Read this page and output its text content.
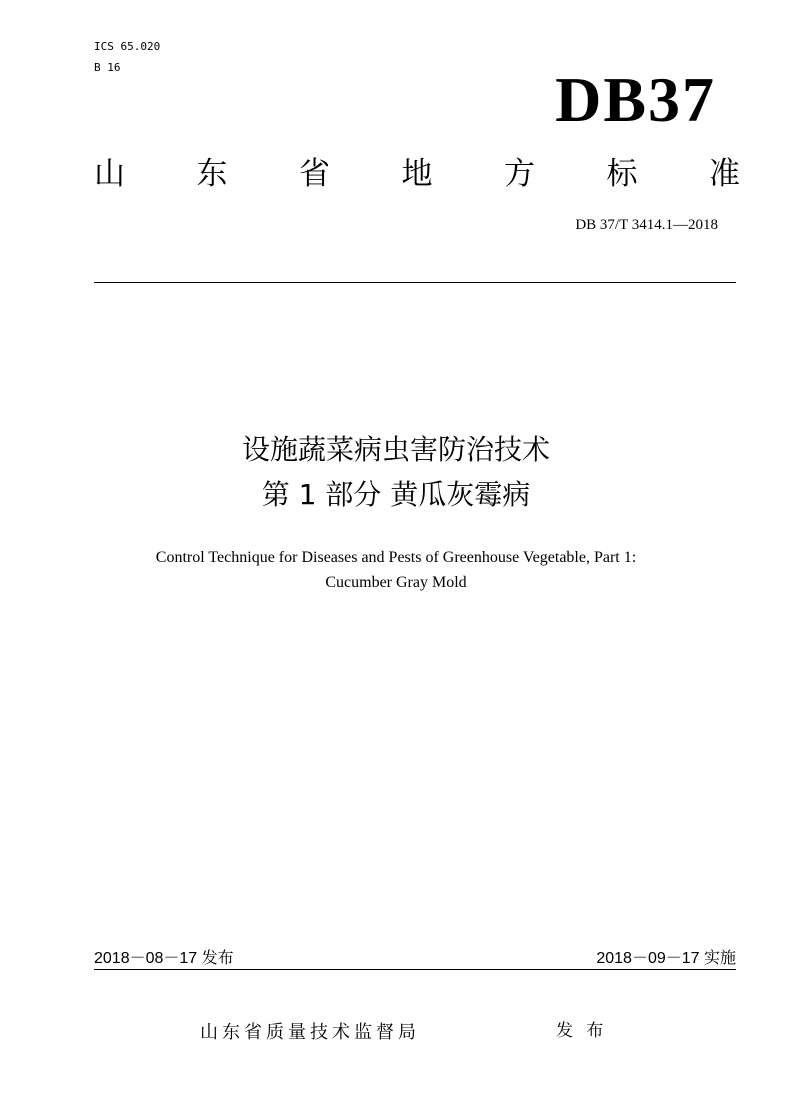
ICS 65.020
B 16	DB37
山 东 省 地 方 标 准
DB 37/T 3414.1—2018
设施蔬菜病虫害防治技术
第 1 部分 黄瓜灰霉病
Control Technique for Diseases and Pests of Greenhouse Vegetable, Part 1:
Cucumber Gray Mold
2018－08－17 发布	2018－09－17 实施
山东省质量技术监督局	发 布
